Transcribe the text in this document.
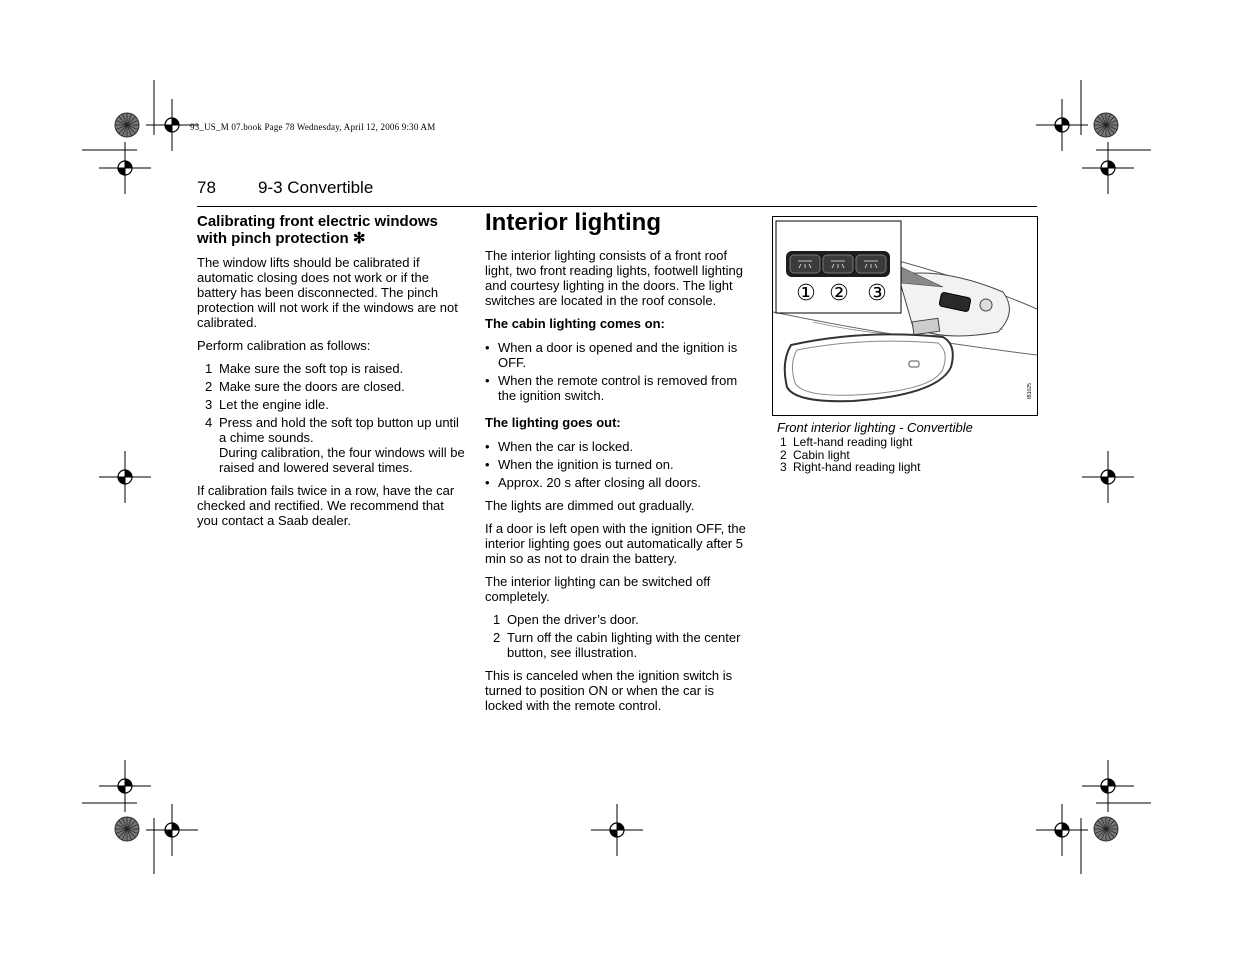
93_US_M 07.book Page 78 Wednesday, April 12, 2006 9:30 AM
78 9-3 Convertible
Calibrating front electric windows with pinch protection ✻

The window lifts should be calibrated if automatic closing does not work or if the battery has been disconnected. The pinch protection will not work if the windows are not calibrated.

Perform calibration as follows:

1 Make sure the soft top is raised.
2 Make sure the doors are closed.
3 Let the engine idle.
4 Press and hold the soft top button up until a chime sounds.
During calibration, the four windows will be raised and lowered several times.

If calibration fails twice in a row, have the car checked and rectified. We recommend that you contact a Saab dealer.

Interior lighting

The interior lighting consists of a front roof light, two front reading lights, footwell lighting and courtesy lighting in the doors. The light switches are located in the roof console.

The cabin lighting comes on:

• When a door is opened and the ignition is OFF.
• When the remote control is removed from the ignition switch.

The lighting goes out:

• When the car is locked.
• When the ignition is turned on.
• Approx. 20 s after closing all doors.

The lights are dimmed out gradually.

If a door is left open with the ignition OFF, the interior lighting goes out automatically after 5 min so as not to drain the battery.

The interior lighting can be switched off completely.

1 Open the driver’s door.
2 Turn off the cabin lighting with the center button, see illustration.

This is canceled when the ignition switch is turned to position ON or when the car is locked with the remote control.

① ② ③
IB1025
Front interior lighting - Convertible
1 Left-hand reading light
2 Cabin light
3 Right-hand reading light
